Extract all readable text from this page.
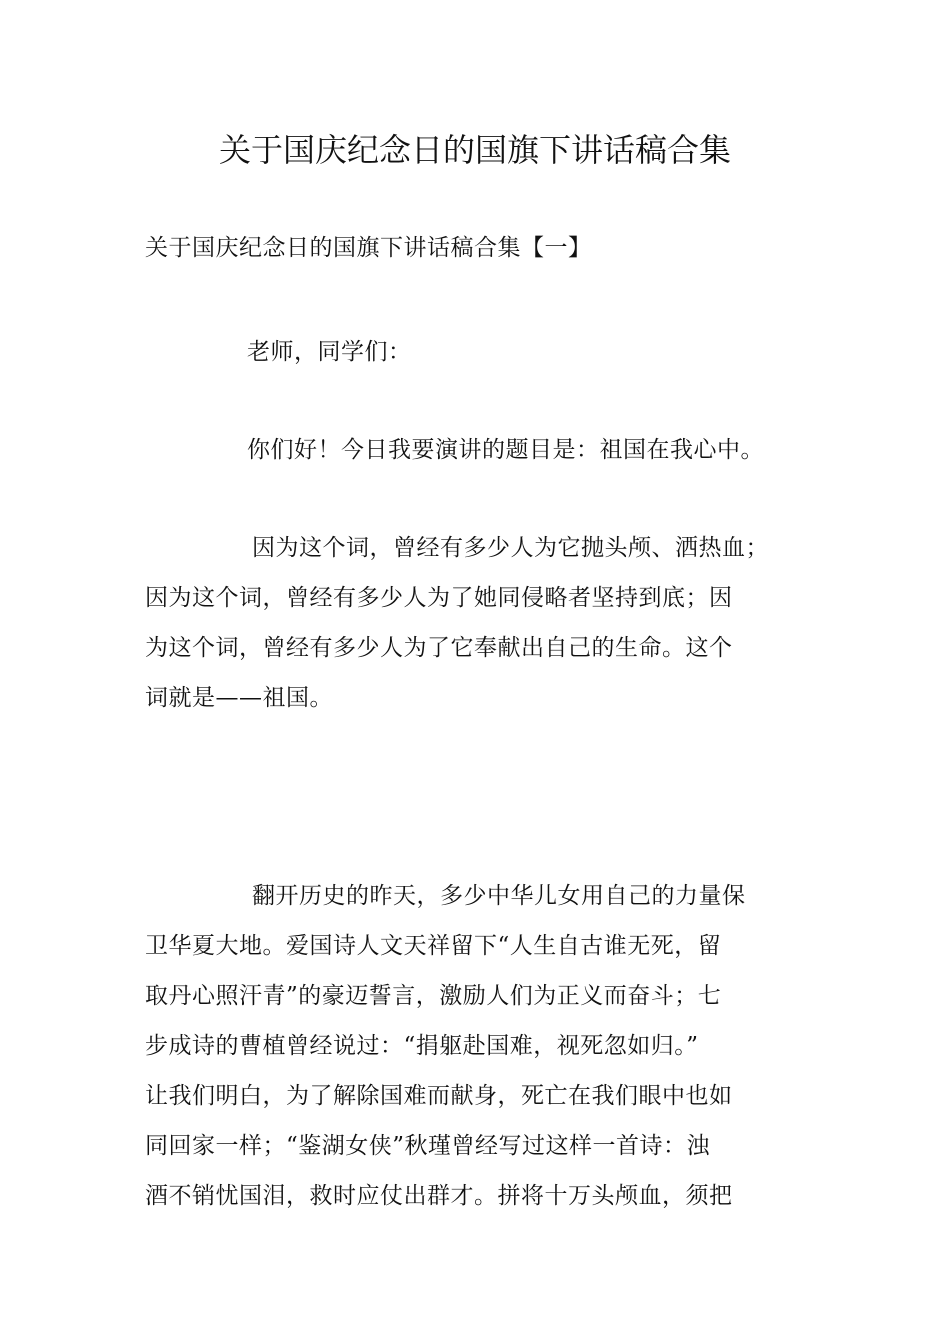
关于国庆纪念日的国旗下讲话稿合集
关于国庆纪念日的国旗下讲话稿合集【一】
老师，同学们：
你们好！今日我要演讲的题目是：祖国在我心中。
因为这个词，曾经有多少人为它抛头颅、洒热血；
因为这个词，曾经有多少人为了她同侵略者坚持到底；因
为这个词，曾经有多少人为了它奉献出自己的生命。这个
词就是——祖国。
翻开历史的昨天，多少中华儿女用自己的力量保
卫华夏大地。爱国诗人文天祥留下“人生自古谁无死，留
取丹心照汗青”的豪迈誓言，激励人们为正义而奋斗；七
步成诗的曹植曾经说过：“捐躯赴国难，视死忽如归。”
让我们明白，为了解除国难而献身，死亡在我们眼中也如
同回家一样；“鉴湖女侠”秋瑾曾经写过这样一首诗：浊
酒不销忧国泪，救时应仗出群才。拼将十万头颅血，须把
